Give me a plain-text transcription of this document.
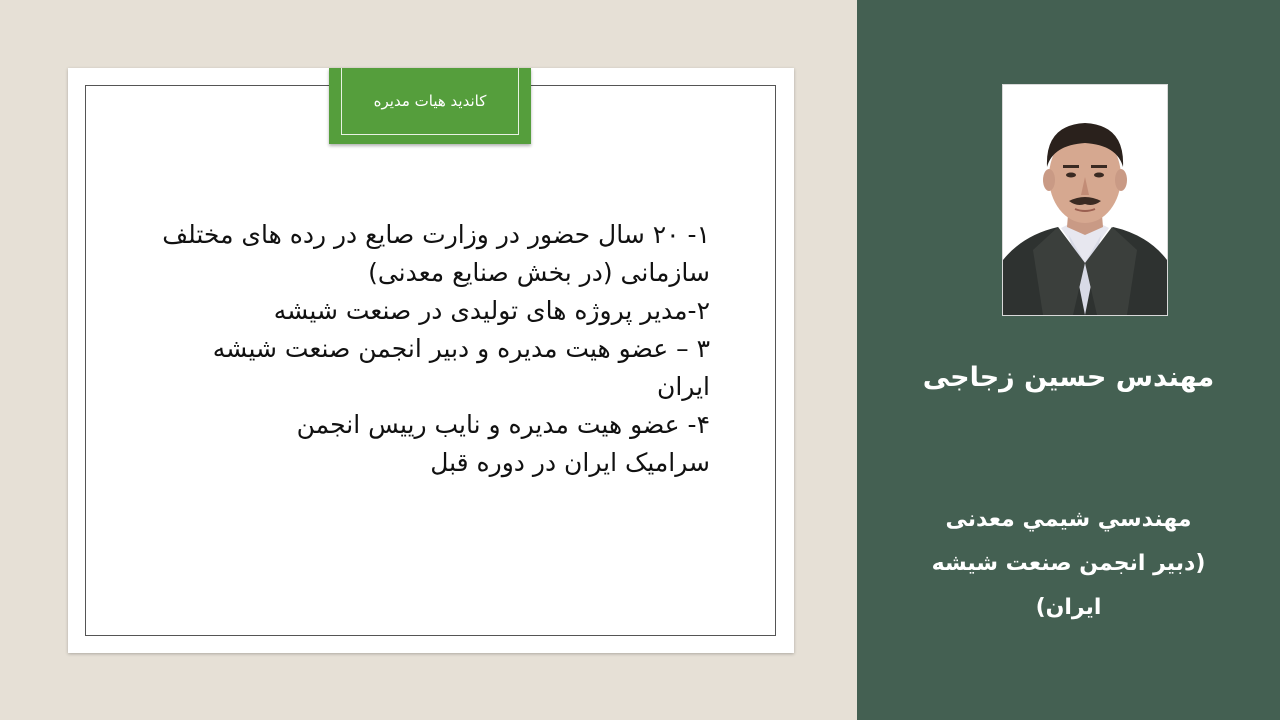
کاندید هیات مدیره
۱- ۲۰ سال حضور در وزارت صایع در رده های مختلف
سازمانی (در بخش صنایع معدنی)
۲-مدیر پروژه های تولیدی در صنعت شیشه
۳ – عضو هیت مدیره و دبیر انجمن صنعت شیشه
ایران
۴- عضو هیت مدیره و نایب رییس انجمن
سرامیک ایران در دوره قبل
مهندس حسین زجاجی
مهندسي شيمي معدنی
(دبیر انجمن صنعت شیشه
ایران)
